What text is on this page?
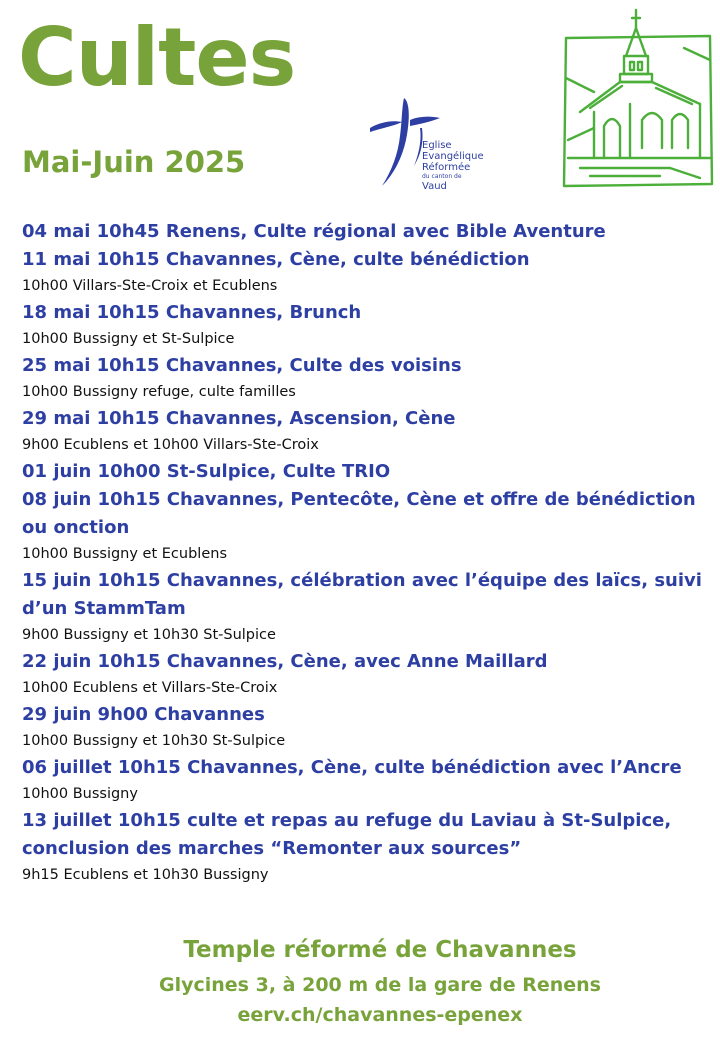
Cultes
Mai-Juin 2025	Eglise
Evangélique
Réformée
du canton de
Vaud
04 mai 10h45 Renens, Culte régional avec Bible Aventure
11 mai 10h15 Chavannes, Cène, culte bénédiction
10h00 Villars-Ste-Croix et Ecublens
18 mai 10h15 Chavannes, Brunch
10h00 Bussigny et St-Sulpice
25 mai 10h15 Chavannes, Culte des voisins
10h00 Bussigny refuge, culte familles
29 mai 10h15 Chavannes, Ascension, Cène
9h00 Ecublens et 10h00 Villars-Ste-Croix
01 juin 10h00 St-Sulpice, Culte TRIO
08 juin 10h15 Chavannes, Pentecôte, Cène et offre de bénédiction ou onction
10h00 Bussigny et Ecublens
15 juin 10h15 Chavannes, célébration avec l’équipe des laïcs, suivi d’un StammTam
9h00 Bussigny et 10h30 St-Sulpice
22 juin 10h15 Chavannes, Cène, avec Anne Maillard
10h00 Ecublens et Villars-Ste-Croix
29 juin 9h00 Chavannes
10h00 Bussigny et 10h30 St-Sulpice
06 juillet 10h15 Chavannes, Cène, culte bénédiction avec l’Ancre
10h00 Bussigny
13 juillet 10h15 culte et repas au refuge du Laviau à St-Sulpice, conclusion des marches “Remonter aux sources”
9h15 Ecublens et 10h30 Bussigny
Temple réformé de Chavannes
Glycines 3, à 200 m de la gare de Renens
eerv.ch/chavannes-epenex
